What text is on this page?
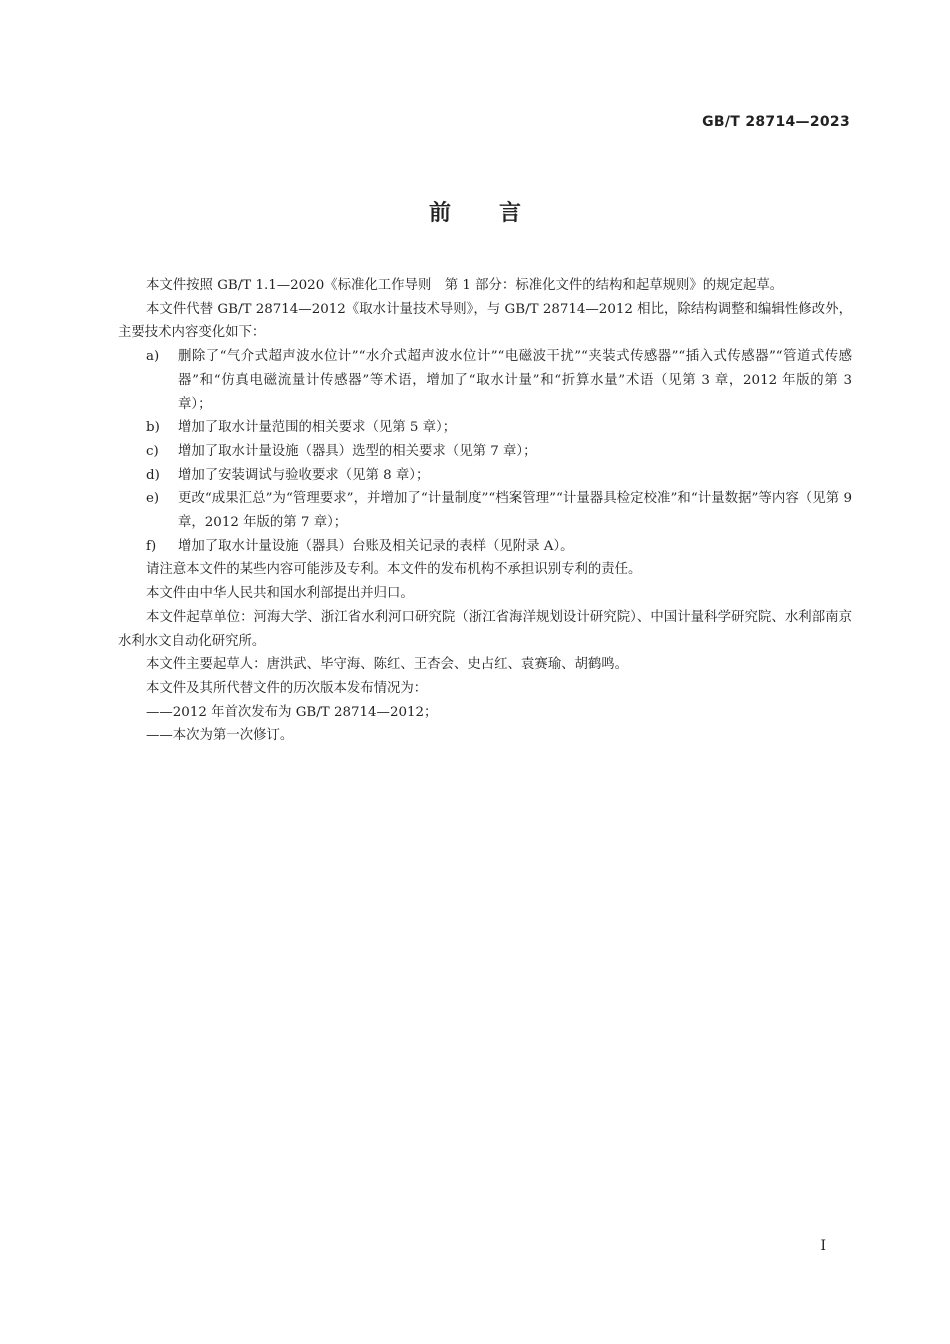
GB/T 28714—2023
前言

本文件按照 GB/T 1.1—2020《标准化工作导则　第 1 部分：标准化文件的结构和起草规则》的规定起草。

本文件代替 GB/T 28714—2012《取水计量技术导则》，与 GB/T 28714—2012 相比，除结构调整和编辑性修改外，主要技术内容变化如下：

a)	删除了“气介式超声波水位计”“水介式超声波水位计”“电磁波干扰”“夹装式传感器”“插入式传感器”“管道式传感器”和“仿真电磁流量计传感器”等术语，增加了“取水计量”和“折算水量”术语（见第 3 章，2012 年版的第 3 章）；
b)	增加了取水计量范围的相关要求（见第 5 章）；
c)	增加了取水计量设施（器具）选型的相关要求（见第 7 章）；
d)	增加了安装调试与验收要求（见第 8 章）；
e)	更改“成果汇总”为“管理要求”，并增加了“计量制度”“档案管理”“计量器具检定校准”和“计量数据”等内容（见第 9 章，2012 年版的第 7 章）；
f)	增加了取水计量设施（器具）台账及相关记录的表样（见附录 A）。

请注意本文件的某些内容可能涉及专利。本文件的发布机构不承担识别专利的责任。

本文件由中华人民共和国水利部提出并归口。

本文件起草单位：河海大学、浙江省水利河口研究院（浙江省海洋规划设计研究院）、中国计量科学研究院、水利部南京水利水文自动化研究所。

本文件主要起草人：唐洪武、毕守海、陈红、王杏会、史占红、袁赛瑜、胡鹤鸣。

本文件及其所代替文件的历次版本发布情况为：

——2012 年首次发布为 GB/T 28714—2012；

——本次为第一次修订。

I
